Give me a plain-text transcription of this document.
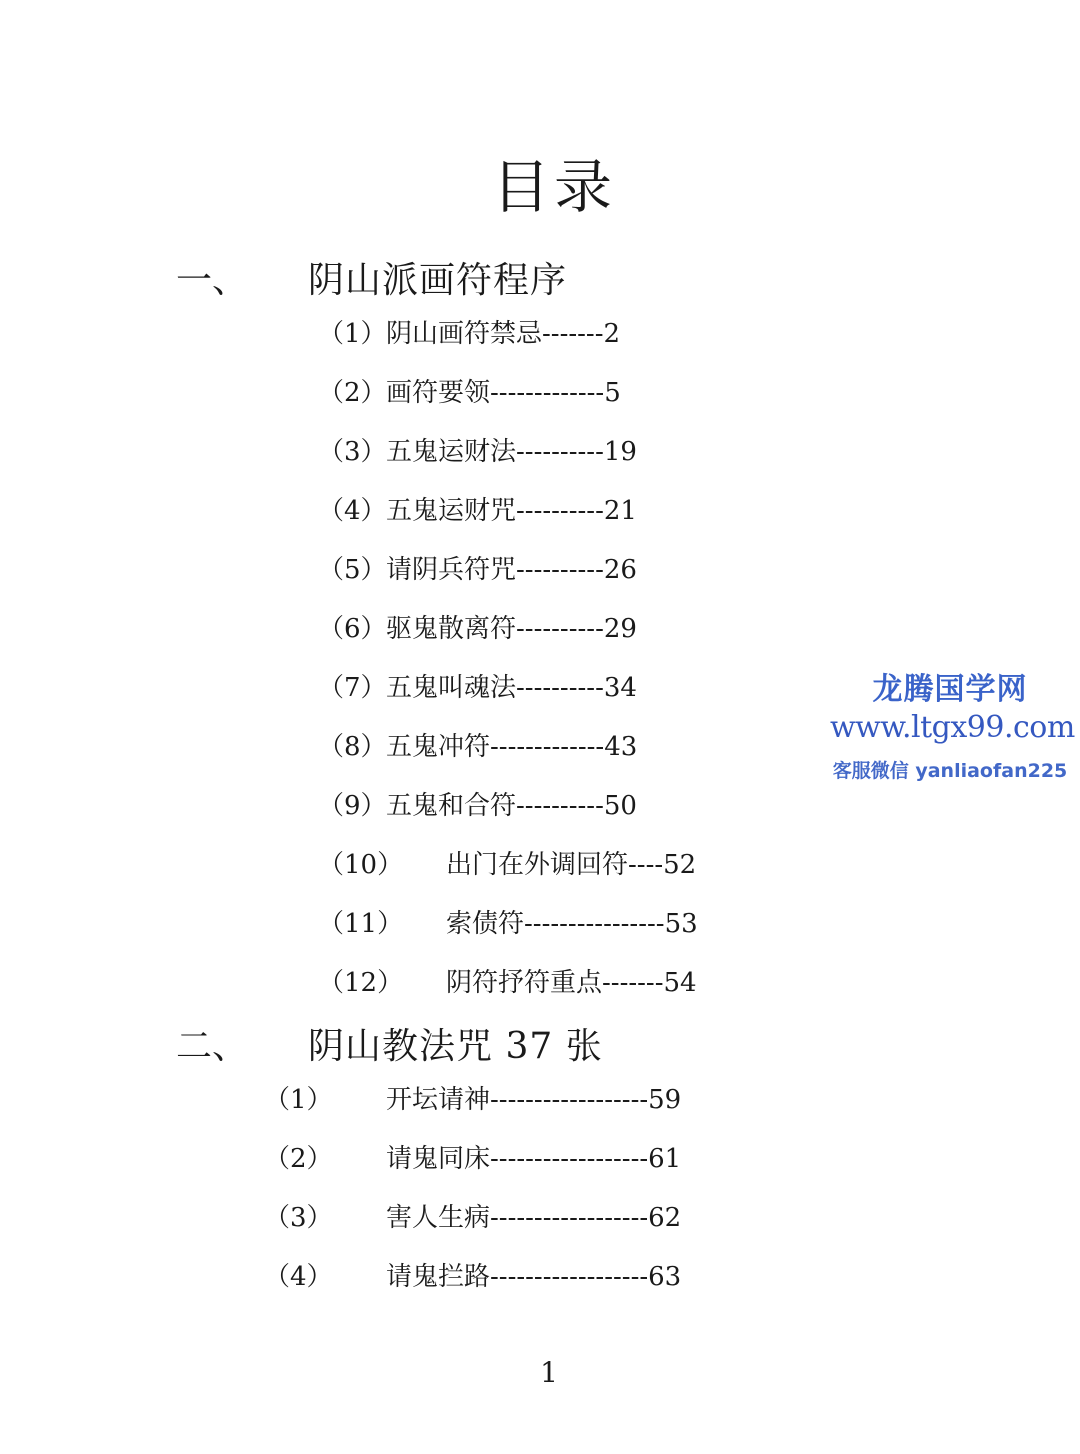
目录
一、 阴山派画符程序
（1） 阴山画符禁忌-------2
（2） 画符要领-------------5
（3） 五鬼运财法----------19
（4） 五鬼运财咒----------21
（5） 请阴兵符咒----------26
（6） 驱鬼散离符----------29
（7） 五鬼叫魂法----------34
（8） 五鬼冲符-------------43
（9） 五鬼和合符----------50
（10） 出门在外调回符----52
（11） 索债符----------------53
（12） 阴符抒符重点-------54
二、 阴山教法咒 37 张
（1） 开坛请神------------------59
（2） 请鬼同床------------------61
（3） 害人生病------------------62
（4） 请鬼拦路------------------63
龙腾国学网
www.ltgx99.com
客服微信 yanliaofan225
1
